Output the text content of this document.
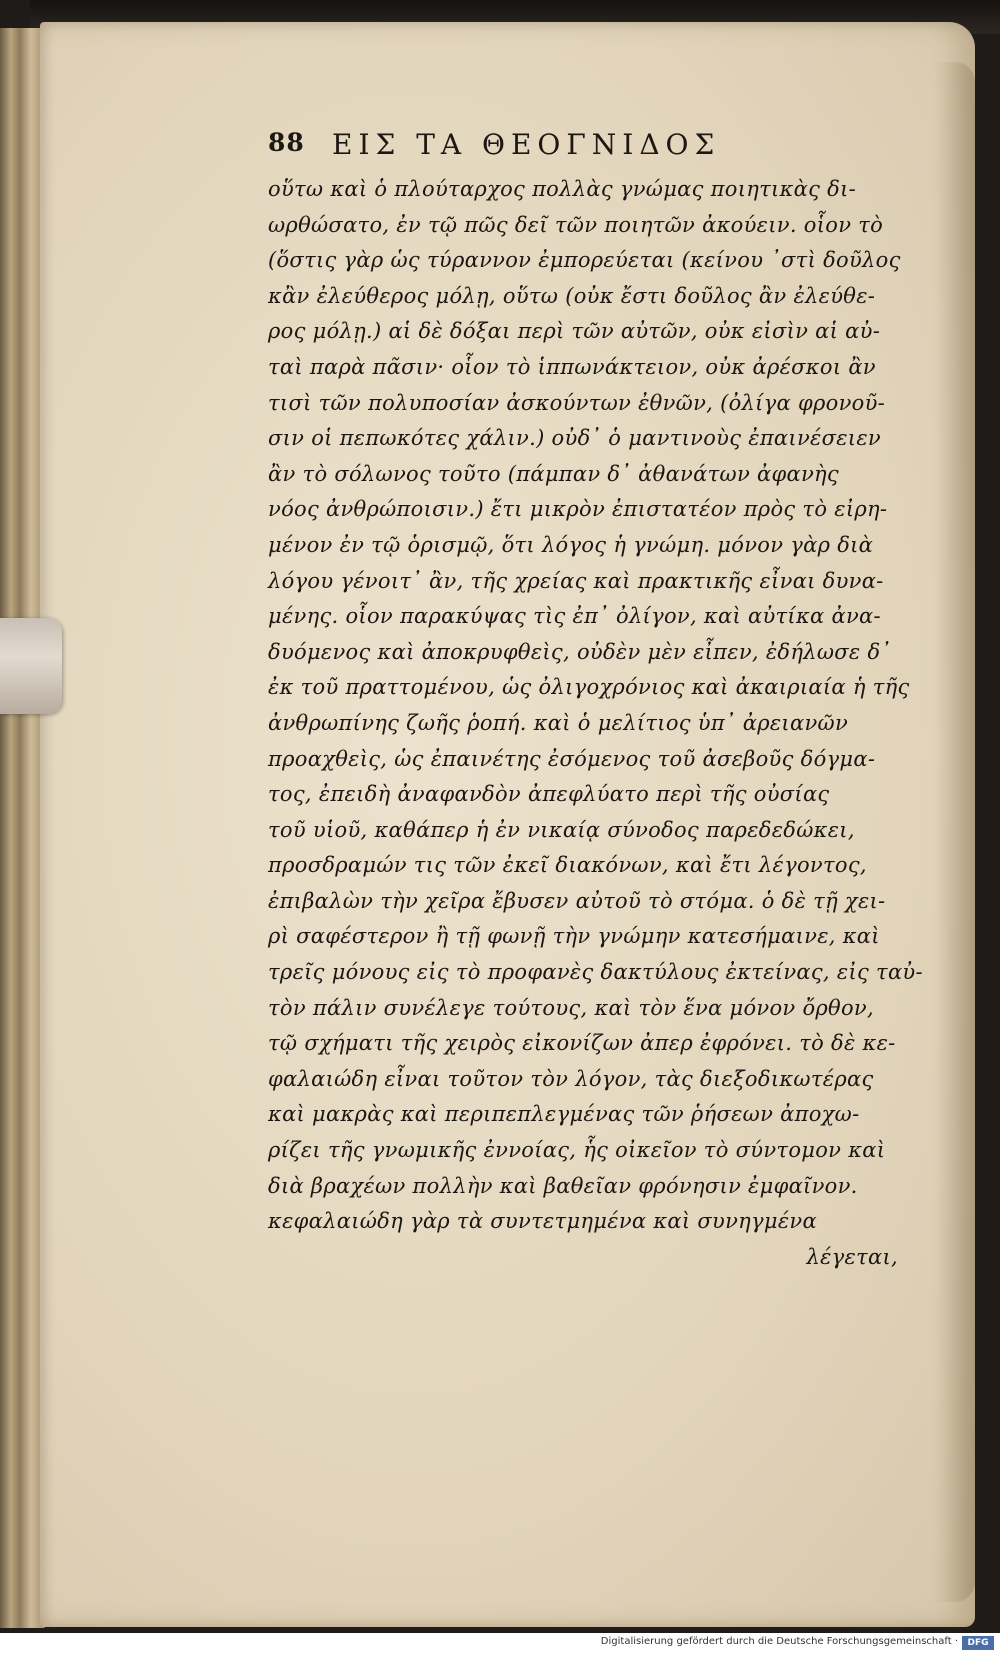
88 ΕΙΣ ΤΑ ΘΕΟΓΝΙΔΟΣ
οὕτω καὶ ὁ πλούταρχος πολλὰς γνώμας ποιητικὰς δι-
ωρθώσατο, ἐν τῷ πῶς δεῖ τῶν ποιητῶν ἀκούειν. οἷον τὸ
(ὅστις γὰρ ὡς τύραννον ἐμπορεύεται (κείνου ᾽στὶ δοῦλος
κἂν ἐλεύθερος μόλῃ, οὕτω (οὐκ ἔστι δοῦλος ἂν ἐλεύθε-
ρος μόλῃ.) αἱ δὲ δόξαι περὶ τῶν αὐτῶν, οὐκ εἰσὶν αἱ αὐ-
ταὶ παρὰ πᾶσιν· οἷον τὸ ἱππωνάκτειον, οὐκ ἀρέσκοι ἂν
τισὶ τῶν πολυποσίαν ἀσκούντων ἐθνῶν, (ὀλίγα φρονοῦ-
σιν οἱ πεπωκότες χάλιν.) οὐδ᾽ ὁ μαντινοὺς ἐπαινέσειεν
ἂν τὸ σόλωνος τοῦτο (πάμπαν δ᾽ ἀθανάτων ἀφανὴς
νόος ἀνθρώποισιν.) ἔτι μικρὸν ἐπιστατέον πρὸς τὸ εἰρη-
μένον ἐν τῷ ὁρισμῷ, ὅτι λόγος ἡ γνώμη. μόνον γὰρ διὰ
λόγου γένοιτ᾽ ἂν, τῆς χρείας καὶ πρακτικῆς εἶναι δυνα-
μένης. οἷον παρακύψας τὶς ἐπ᾽ ὀλίγον, καὶ αὐτίκα ἀνα-
δυόμενος καὶ ἀποκρυφθεὶς, οὐδὲν μὲν εἶπεν, ἐδήλωσε δ᾽
ἐκ τοῦ πραττομένου, ὡς ὀλιγοχρόνιος καὶ ἀκαιριαία ἡ τῆς
ἀνθρωπίνης ζωῆς ῥοπή. καὶ ὁ μελίτιος ὑπ᾽ ἀρειανῶν
προαχθεὶς, ὡς ἐπαινέτης ἐσόμενος τοῦ ἀσεβοῦς δόγμα-
τος, ἐπειδὴ ἀναφανδὸν ἀπεφλύατο περὶ τῆς οὐσίας
τοῦ υἱοῦ, καθάπερ ἡ ἐν νικαίᾳ σύνοδος παρεδεδώκει,
προσδραμών τις τῶν ἐκεῖ διακόνων, καὶ ἔτι λέγοντος,
ἐπιβαλὼν τὴν χεῖρα ἔβυσεν αὐτοῦ τὸ στόμα. ὁ δὲ τῇ χει-
ρὶ σαφέστερον ἢ τῇ φωνῇ τὴν γνώμην κατεσήμαινε, καὶ
τρεῖς μόνους εἰς τὸ προφανὲς δακτύλους ἐκτείνας, εἰς ταὐ-
τὸν πάλιν συνέλεγε τούτους, καὶ τὸν ἕνα μόνον ὄρθον,
τῷ σχήματι τῆς χειρὸς εἰκονίζων ἀπερ ἐφρόνει. τὸ δὲ κε-
φαλαιώδη εἶναι τοῦτον τὸν λόγον, τὰς διεξοδικωτέρας
καὶ μακρὰς καὶ περιπεπλεγμένας τῶν ῥήσεων ἀποχω-
ρίζει τῆς γνωμικῆς ἐννοίας, ἧς οἰκεῖον τὸ σύντομον καὶ
διὰ βραχέων πολλὴν καὶ βαθεῖαν φρόνησιν ἐμφαῖνον.
κεφαλαιώδη γὰρ τὰ συντετμημένα καὶ συνηγμένα
λέγεται,
Digitalisierung gefördert durch die Deutsche Forschungsgemeinschaft ·	DFG
